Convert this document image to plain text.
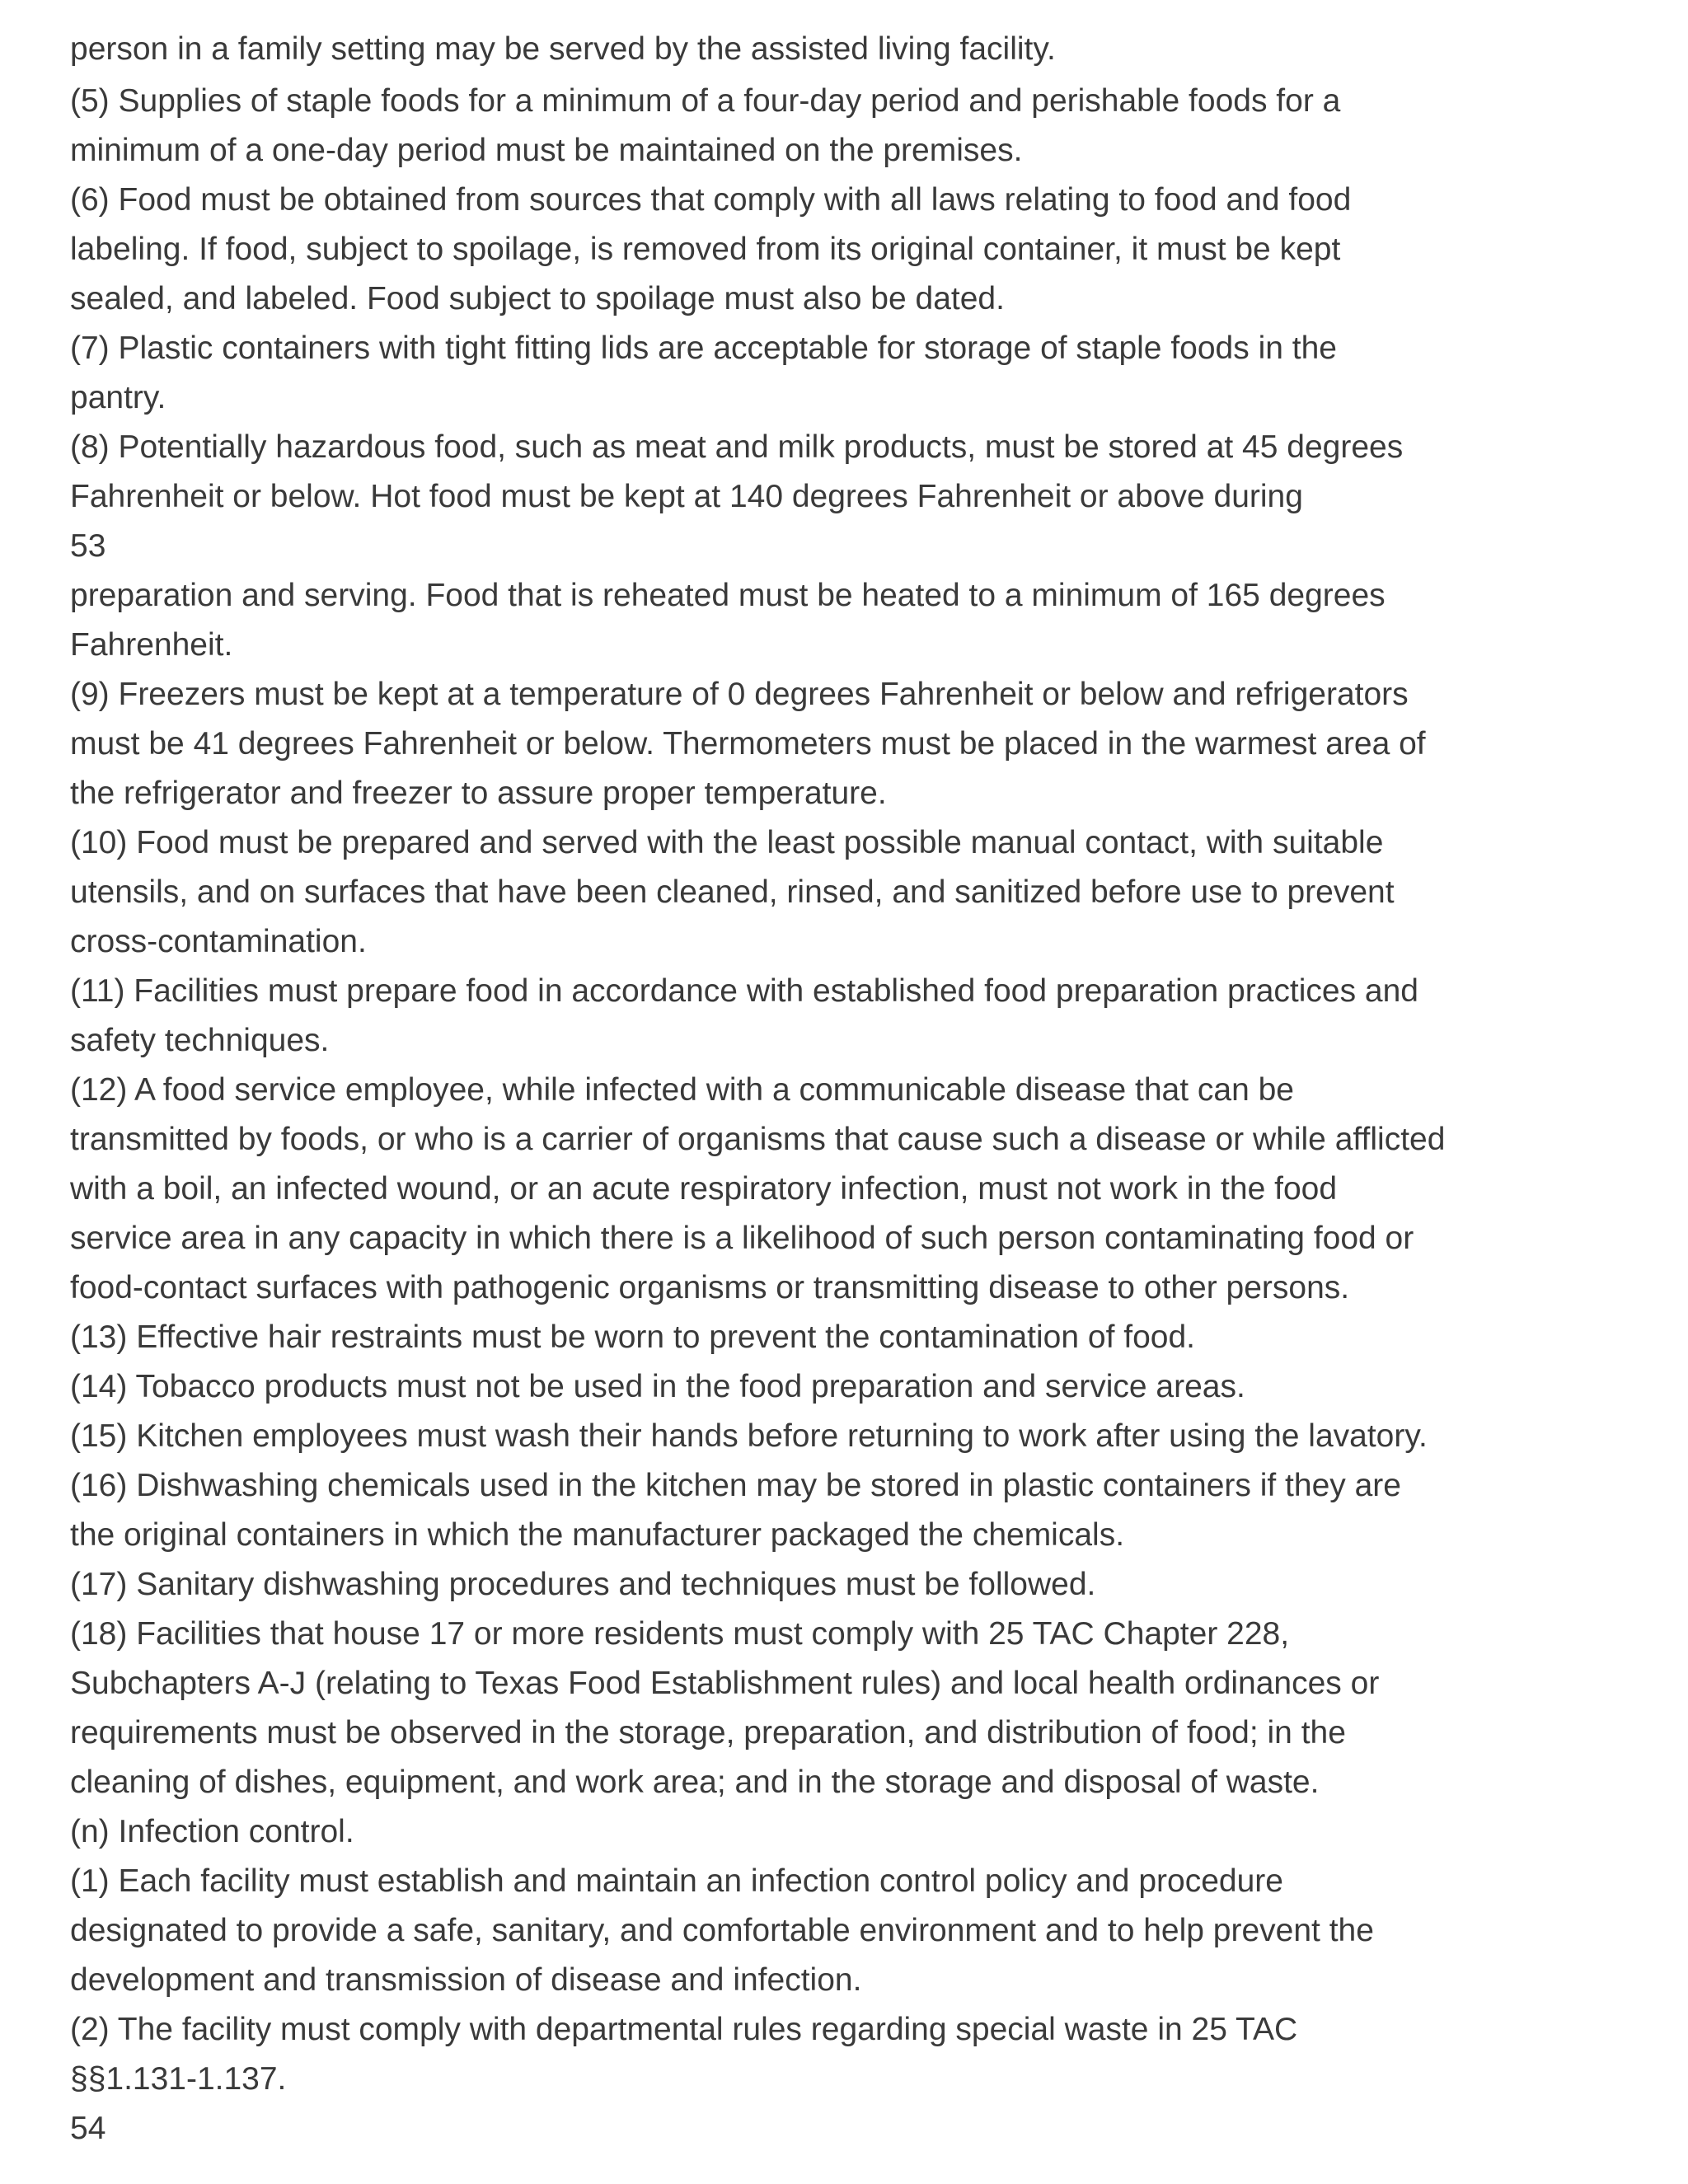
person in a family setting may be served by the assisted living facility.

(5) Supplies of staple foods for a minimum of a four-day period and perishable foods for a

minimum of a one-day period must be maintained on the premises.

(6) Food must be obtained from sources that comply with all laws relating to food and food

labeling. If food, subject to spoilage, is removed from its original container, it must be kept

sealed, and labeled. Food subject to spoilage must also be dated.

(7) Plastic containers with tight fitting lids are acceptable for storage of staple foods in the

pantry.

(8) Potentially hazardous food, such as meat and milk products, must be stored at 45 degrees

Fahrenheit or below. Hot food must be kept at 140 degrees Fahrenheit or above during

53

preparation and serving. Food that is reheated must be heated to a minimum of 165 degrees

Fahrenheit.

(9) Freezers must be kept at a temperature of 0 degrees Fahrenheit or below and refrigerators

must be 41 degrees Fahrenheit or below. Thermometers must be placed in the warmest area of

the refrigerator and freezer to assure proper temperature.

(10) Food must be prepared and served with the least possible manual contact, with suitable

utensils, and on surfaces that have been cleaned, rinsed, and sanitized before use to prevent

cross-contamination.

(11) Facilities must prepare food in accordance with established food preparation practices and

safety techniques.

(12) A food service employee, while infected with a communicable disease that can be

transmitted by foods, or who is a carrier of organisms that cause such a disease or while afflicted

with a boil, an infected wound, or an acute respiratory infection, must not work in the food

service area in any capacity in which there is a likelihood of such person contaminating food or

food-contact surfaces with pathogenic organisms or transmitting disease to other persons.

(13) Effective hair restraints must be worn to prevent the contamination of food.

(14) Tobacco products must not be used in the food preparation and service areas.

(15) Kitchen employees must wash their hands before returning to work after using the lavatory.

(16) Dishwashing chemicals used in the kitchen may be stored in plastic containers if they are

the original containers in which the manufacturer packaged the chemicals.

(17) Sanitary dishwashing procedures and techniques must be followed.

(18) Facilities that house 17 or more residents must comply with 25 TAC Chapter 228,

Subchapters A-J (relating to Texas Food Establishment rules) and local health ordinances or

requirements must be observed in the storage, preparation, and distribution of food; in the

cleaning of dishes, equipment, and work area; and in the storage and disposal of waste.

(n) Infection control.

(1) Each facility must establish and maintain an infection control policy and procedure

designated to provide a safe, sanitary, and comfortable environment and to help prevent the

development and transmission of disease and infection.

(2) The facility must comply with departmental rules regarding special waste in 25 TAC

§§1.131-1.137.

54
